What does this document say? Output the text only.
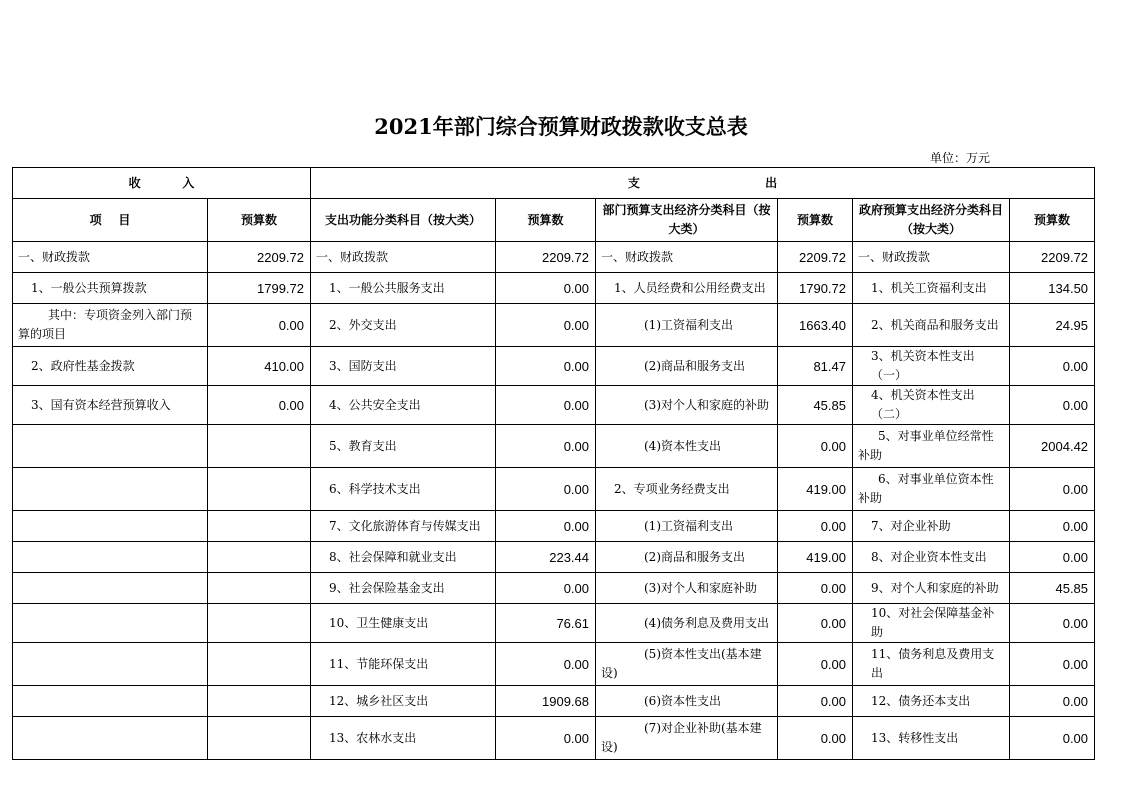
2021年部门综合预算财政拨款收支总表
单位：万元
收          入		支                              出					
项    目	预算数	支出功能分类科目（按大类）	预算数	部门预算支出经济分类科目（按大类）	预算数	政府预算支出经济分类科目（按大类）	预算数
一、财政拨款	2209.72	一、财政拨款	2209.72	一、财政拨款	2209.72	一、财政拨款	2209.72
1、一般公共预算拨款	1799.72	1、一般公共服务支出	0.00	1、人员经费和公用经费支出	1790.72	1、机关工资福利支出	134.50
其中：专项资金列入部门预算的项目	0.00	2、外交支出	0.00	(1)工资福利支出	1663.40	2、机关商品和服务支出	24.95
2、政府性基金拨款	410.00	3、国防支出	0.00	(2)商品和服务支出	81.47	3、机关资本性支出（一）	0.00
3、国有资本经营预算收入	0.00	4、公共安全支出	0.00	(3)对个人和家庭的补助	45.85	4、机关资本性支出（二）	0.00
		5、教育支出	0.00	(4)资本性支出	0.00	5、对事业单位经常性补助	2004.42
		6、科学技术支出	0.00	2、专项业务经费支出	419.00	6、对事业单位资本性补助	0.00
		7、文化旅游体育与传媒支出	0.00	(1)工资福利支出	0.00	7、对企业补助	0.00
		8、社会保障和就业支出	223.44	(2)商品和服务支出	419.00	8、对企业资本性支出	0.00
		9、社会保险基金支出	0.00	(3)对个人和家庭补助	0.00	9、对个人和家庭的补助	45.85
		10、卫生健康支出	76.61	(4)债务利息及费用支出	0.00	10、对社会保障基金补助	0.00
		11、节能环保支出	0.00	(5)资本性支出(基本建设)	0.00	11、债务利息及费用支出	0.00
		12、城乡社区支出	1909.68	(6)资本性支出	0.00	12、债务还本支出	0.00
		13、农林水支出	0.00	(7)对企业补助(基本建设)	0.00	13、转移性支出	0.00
